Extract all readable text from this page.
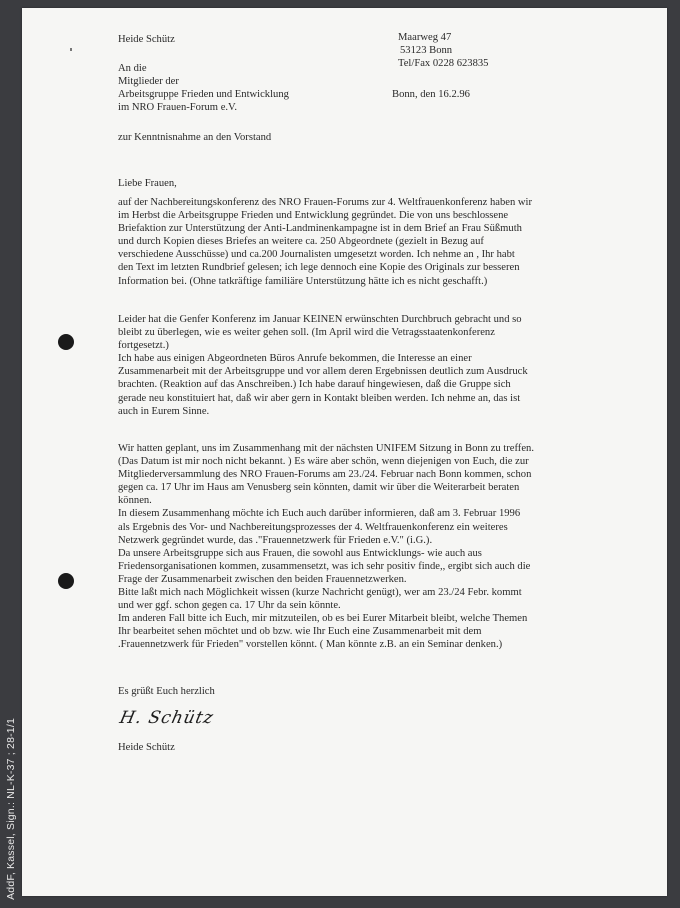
AddF, Kassel, Sign.: NL-K-37 ; 28-1/1
Heide Schütz	Maarweg 47
53123 Bonn
Tel/Fax 0228 623835
An die
Mitglieder der
Arbeitsgruppe Frieden und Entwicklung
im NRO Frauen-Forum e.V.
Bonn, den 16.2.96
zur Kenntnisnahme an den Vorstand
Liebe Frauen,

auf der Nachbereitungskonferenz des NRO Frauen-Forums zur 4. Weltfrauenkonferenz haben wir

im Herbst die Arbeitsgruppe Frieden und Entwicklung gegründet. Die von uns beschlossene

Briefaktion zur Unterstützung der Anti-Landminenkampagne ist in dem Brief an Frau Süßmuth

und durch Kopien dieses Briefes an weitere ca. 250 Abgeordnete (gezielt in Bezug auf

verschiedene Ausschüsse) und ca.200 Journalisten umgesetzt worden. Ich nehme an , Ihr habt

den Text im letzten Rundbrief gelesen; ich lege dennoch eine Kopie des Originals zur besseren

Information bei. (Ohne tatkräftige familiäre Unterstützung hätte ich es nicht geschafft.)

Leider hat die Genfer Konferenz im Januar KEINEN erwünschten Durchbruch gebracht und so

bleibt zu überlegen, wie es weiter gehen soll. (Im April wird die Vetragsstaatenkonferenz

fortgesetzt.)

Ich habe aus einigen Abgeordneten Büros Anrufe bekommen, die Interesse an einer

Zusammenarbeit mit der Arbeitsgruppe und vor allem deren Ergebnissen deutlich zum Ausdruck

brachten. (Reaktion auf das Anschreiben.) Ich habe darauf hingewiesen, daß die Gruppe sich

gerade neu konstituiert hat, daß wir aber gern in Kontakt bleiben werden. Ich nehme an, das ist

auch in Eurem Sinne.

Wir hatten geplant, uns im Zusammenhang mit der nächsten UNIFEM Sitzung in Bonn zu treffen.

(Das Datum ist mir noch nicht bekannt. ) Es wäre aber schön, wenn diejenigen von Euch, die zur

Mitgliederversammlung des NRO Frauen-Forums am 23./24. Februar nach Bonn kommen, schon

gegen ca. 17 Uhr im Haus am Venusberg sein könnten, damit wir über die Weiterarbeit beraten

können.

In diesem Zusammenhang möchte ich Euch auch darüber informieren, daß am 3. Februar 1996

als Ergebnis des Vor- und Nachbereitungsprozesses der 4. Weltfrauenkonferenz ein weiteres

Netzwerk gegründet wurde, das ."Frauennetzwerk für Frieden e.V." (i.G.).

Da unsere Arbeitsgruppe sich aus Frauen, die sowohl aus Entwicklungs- wie auch aus

Friedensorganisationen kommen, zusammensetzt, was ich sehr positiv finde,, ergibt sich auch die

Frage der Zusammenarbeit zwischen den beiden Frauennetzwerken.

Bitte laßt mich nach Möglichkeit wissen (kurze Nachricht genügt), wer am 23./24 Febr. kommt

und wer ggf. schon gegen ca. 17 Uhr da sein könnte.

Im anderen Fall bitte ich Euch, mir mitzuteilen, ob es bei Eurer Mitarbeit bleibt, welche Themen

Ihr bearbeitet sehen möchtet und ob bzw. wie Ihr Euch eine Zusammenarbeit mit dem

.Frauennetzwerk für Frieden" vorstellen könnt. ( Man könnte z.B. an ein Seminar denken.)

Es grüßt Euch herzlich
H. Schütz
Heide Schütz
